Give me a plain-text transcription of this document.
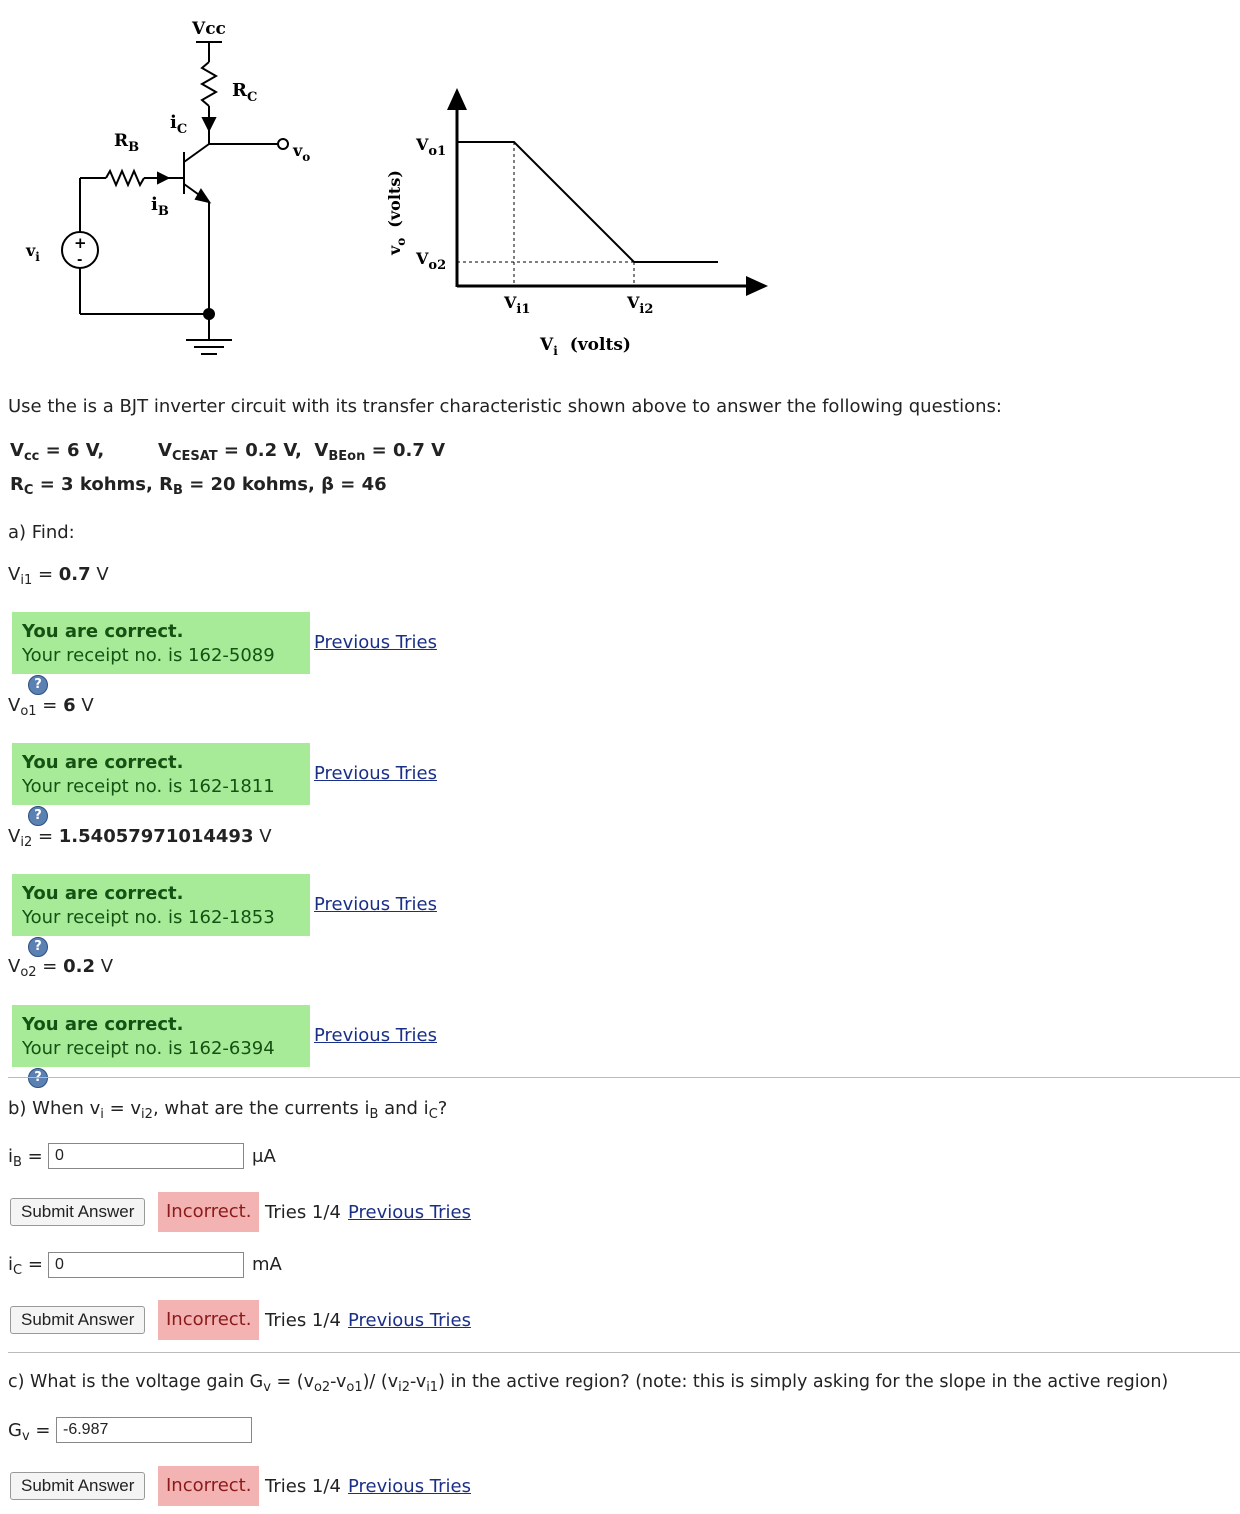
Vcc
$R_C$
$i_C$
$R_B$
$i_B$
$v_i$
+
-
$v_o$
$V_{o1}$
$V_{o2}$
$V_{i1}$	$V_{i2}$
$v_o(volts)$
$V_i$ (volts)
Use the is a BJT inverter circuit with its transfer characteristic shown above to answer the following questions:
$V_{cc} = 6$ V,	$V_{CESAT} = 0.2$ V, $V_{BEon} = 0.7$ V
$R_C = 3$ kohms, $R_B = 20$ kohms, β = 46
a) Find:
$V_{i1} = 0.7$ V
You are correct.
Your receipt no. is 162-5089?
Previous Tries
$V_{o1} = 6$ V
You are correct.
Your receipt no. is 162-1811?
Previous Tries
$V_{i2} = 1.54057971014493$ V
You are correct.
Your receipt no. is 162-1853?
Previous Tries
$V_{o2} = 0.2$ V
You are correct.
Your receipt no. is 162-6394?
Previous Tries
b) When $v_i = v_{i2}$, what are the currents $i_B$ and $i_C$?
$i_B = 0$	μA
Submit Answer	Incorrect. Tries 1/4 Previous Tries
$i_C = 0$	mA
Submit Answer	Incorrect. Tries 1/4 Previous Tries
c) What is the voltage gain $G_v = (v_{o2}-v_{o1})/$ $(v_{i2}-v_{i1})$ in the active region? (note: this is simply asking for the slope in the active region)
$G_v = -6.987$
Submit Answer	Incorrect. Tries 1/4 Previous Tries
